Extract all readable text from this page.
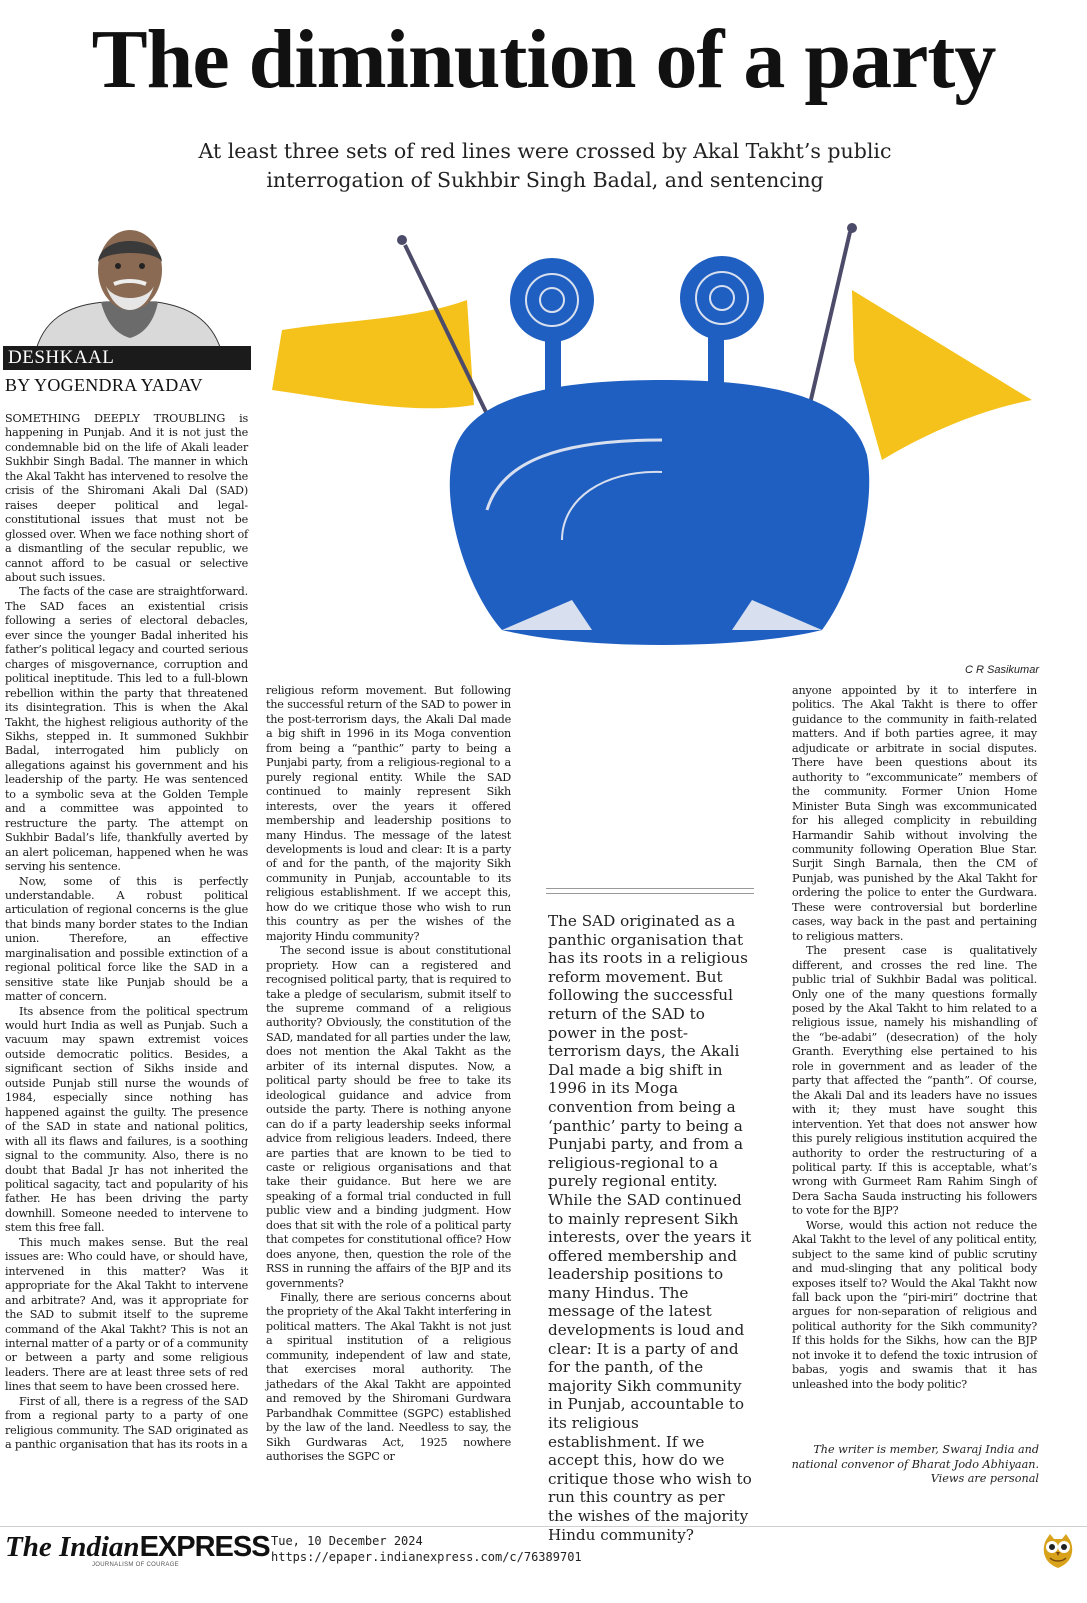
The diminution of a party
At least three sets of red lines were crossed by Akal Takht’s public interrogation of Sukhbir Singh Badal, and sentencing
DESHKAAL
BY YOGENDRA YADAV
C R Sasikumar

SOMETHING DEEPLY TROUBLING is happening in Punjab. And it is not just the condemnable bid on the life of Akali leader Sukhbir Singh Badal. The manner in which the Akal Takht has intervened to resolve the crisis of the Shiromani Akali Dal (SAD) raises deeper political and legal-constitutional issues that must not be glossed over. When we face nothing short of a dismantling of the secular republic, we cannot afford to be casual or selective about such issues.

The facts of the case are straightforward. The SAD faces an existential crisis following a series of electoral debacles, ever since the younger Badal inherited his father’s political legacy and courted serious charges of misgovernance, corruption and political ineptitude. This led to a full-blown rebellion within the party that threatened its disintegration. This is when the Akal Takht, the highest religious authority of the Sikhs, stepped in. It summoned Sukhbir Badal, interrogated him publicly on allegations against his government and his leadership of the party. He was sentenced to a symbolic seva at the Golden Temple and a committee was appointed to restructure the party. The attempt on Sukhbir Badal’s life, thankfully averted by an alert policeman, happened when he was serving his sentence.

Now, some of this is perfectly understandable. A robust political articulation of regional concerns is the glue that binds many border states to the Indian union. Therefore, an effective marginalisation and possible extinction of a regional political force like the SAD in a sensitive state like Punjab should be a matter of concern.

Its absence from the political spectrum would hurt India as well as Punjab. Such a vacuum may spawn extremist voices outside democratic politics. Besides, a significant section of Sikhs inside and outside Punjab still nurse the wounds of 1984, especially since nothing has happened against the guilty. The presence of the SAD in state and national politics, with all its flaws and failures, is a soothing signal to the community. Also, there is no doubt that Badal Jr has not inherited the political sagacity, tact and popularity of his father. He has been driving the party downhill. Someone needed to intervene to stem this free fall.

This much makes sense. But the real issues are: Who could have, or should have, intervened in this matter? Was it appropriate for the Akal Takht to intervene and arbitrate? And, was it appropriate for the SAD to submit itself to the supreme command of the Akal Takht? This is not an internal matter of a party or of a community or between a party and some religious leaders. There are at least three sets of red lines that seem to have been crossed here.

First of all, there is a regress of the SAD from a regional party to a party of one religious community. The SAD originated as a panthic organisation that has its roots in a

religious reform movement. But following the successful return of the SAD to power in the post-terrorism days, the Akali Dal made a big shift in 1996 in its Moga convention from being a “panthic” party to being a Punjabi party, from a religious-regional to a purely regional entity. While the SAD continued to mainly represent Sikh interests, over the years it offered membership and leadership positions to many Hindus. The message of the latest developments is loud and clear: It is a party of and for the panth, of the majority Sikh community in Punjab, accountable to its religious establishment. If we accept this, how do we critique those who wish to run this country as per the wishes of the majority Hindu community?

The second issue is about constitutional propriety. How can a registered and recognised political party, that is required to take a pledge of secularism, submit itself to the supreme command of a religious authority? Obviously, the constitution of the SAD, mandated for all parties under the law, does not mention the Akal Takht as the arbiter of its internal disputes. Now, a political party should be free to take its ideological guidance and advice from outside the party. There is nothing anyone can do if a party leadership seeks informal advice from religious leaders. Indeed, there are parties that are known to be tied to caste or religious organisations and that take their guidance. But here we are speaking of a formal trial conducted in full public view and a binding judgment. How does that sit with the role of a political party that competes for constitutional office? How does anyone, then, question the role of the RSS in running the affairs of the BJP and its governments?

Finally, there are serious concerns about the propriety of the Akal Takht interfering in political matters. The Akal Takht is not just a spiritual institution of a religious community, independent of law and state, that exercises moral authority. The jathedars of the Akal Takht are appointed and removed by the Shiromani Gurdwara Parbandhak Committee (SGPC) established by the law of the land. Needless to say, the Sikh Gurdwaras Act, 1925 nowhere authorises the SGPC or

The SAD originated as a panthic organisation that has its roots in a religious reform movement. But following the successful return of the SAD to power in the post-terrorism days, the Akali Dal made a big shift in 1996 in its Moga convention from being a ‘panthic’ party to being a Punjabi party, and from a religious-regional to a purely regional entity. While the SAD continued to mainly represent Sikh interests, over the years it offered membership and leadership positions to many Hindus. The message of the latest developments is loud and clear: It is a party of and for the panth, of the majority Sikh community in Punjab, accountable to its religious establishment. If we accept this, how do we critique those who wish to run this country as per the wishes of the majority Hindu community?

anyone appointed by it to interfere in politics. The Akal Takht is there to offer guidance to the community in faith-related matters. And if both parties agree, it may adjudicate or arbitrate in social disputes. There have been questions about its authority to “excommunicate” members of the community. Former Union Home Minister Buta Singh was excommunicated for his alleged complicity in rebuilding Harmandir Sahib without involving the community following Operation Blue Star. Surjit Singh Barnala, then the CM of Punjab, was punished by the Akal Takht for ordering the police to enter the Gurdwara. These were controversial but borderline cases, way back in the past and pertaining to religious matters.

The present case is qualitatively different, and crosses the red line. The public trial of Sukhbir Badal was political. Only one of the many questions formally posed by the Akal Takht to him related to a religious issue, namely his mishandling of the “be-adabi” (desecration) of the holy Granth. Everything else pertained to his role in government and as leader of the party that affected the “panth”. Of course, the Akali Dal and its leaders have no issues with it; they must have sought this intervention. Yet that does not answer how this purely religious institution acquired the authority to order the restructuring of a political party. If this is acceptable, what’s wrong with Gurmeet Ram Rahim Singh of Dera Sacha Sauda instructing his followers to vote for the BJP?

Worse, would this action not reduce the Akal Takht to the level of any political entity, subject to the same kind of public scrutiny and mud-slinging that any political body exposes itself to? Would the Akal Takht now fall back upon the “piri-miri” doctrine that argues for non-separation of religious and political authority for the Sikh community? If this holds for the Sikhs, how can the BJP not invoke it to defend the toxic intrusion of babas, yogis and swamis that it has unleashed into the body politic?

The writer is member, Swaraj India and national convenor of Bharat Jodo Abhiyaan. Views are personal
The IndianEXPRESS
JOURNALISM OF COURAGE
Tue, 10 December 2024
https://epaper.indianexpress.com/c/76389701
